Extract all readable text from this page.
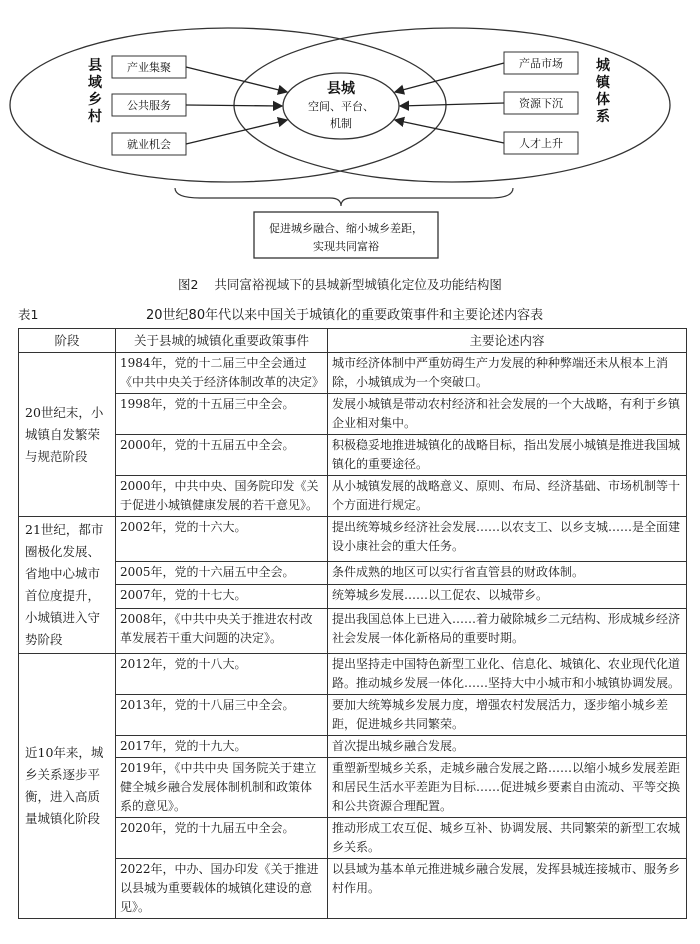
县域乡村
城镇体系
县城
空间、平台、
机制
产业集聚
公共服务
就业机会
产品市场
资源下沉
人才上升
促进城乡融合、缩小城乡差距，
实现共同富裕
图2 共同富裕视域下的县城新型城镇化定位及功能结构图
表1	20世纪80年代以来中国关于城镇化的重要政策事件和主要论述内容表
阶段	关于县城的城镇化重要政策事件	主要论述内容
20世纪末，小城镇自发繁荣与规范阶段	1984年，党的十二届三中全会通过《中共中央关于经济体制改革的决定》	城市经济体制中严重妨碍生产力发展的种种弊端还未从根本上消除，小城镇成为一个突破口。
	1998年，党的十五届三中全会。	发展小城镇是带动农村经济和社会发展的一个大战略，有利于乡镇企业相对集中。
	2000年，党的十五届五中全会。	积极稳妥地推进城镇化的战略目标，指出发展小城镇是推进我国城镇化的重要途径。
	2000年，中共中央、国务院印发《关于促进小城镇健康发展的若干意见》。	从小城镇发展的战略意义、原则、布局、经济基础、市场机制等十个方面进行规定。
21世纪，都市圈极化发展、省地中心城市首位度提升，小城镇进入守势阶段	2002年，党的十六大。	提出统筹城乡经济社会发展……以农支工、以乡支城……是全面建设小康社会的重大任务。
	2005年，党的十六届五中全会。	条件成熟的地区可以实行省直管县的财政体制。
	2007年，党的十七大。	统筹城乡发展……以工促农、以城带乡。
	2008年，《中共中央关于推进农村改革发展若干重大问题的决定》。	提出我国总体上已进入……着力破除城乡二元结构、形成城乡经济社会发展一体化新格局的重要时期。
近10年来，城乡关系逐步平衡，进入高质量城镇化阶段	2012年，党的十八大。	提出坚持走中国特色新型工业化、信息化、城镇化、农业现代化道路。推动城乡发展一体化……坚持大中小城市和小城镇协调发展。
	2013年，党的十八届三中全会。	要加大统筹城乡发展力度，增强农村发展活力，逐步缩小城乡差距，促进城乡共同繁荣。
	2017年，党的十九大。	首次提出城乡融合发展。
	2019年，《中共中央 国务院关于建立健全城乡融合发展体制机制和政策体系的意见》。	重塑新型城乡关系，走城乡融合发展之路……以缩小城乡发展差距和居民生活水平差距为目标……促进城乡要素自由流动、平等交换和公共资源合理配置。
	2020年，党的十九届五中全会。	推动形成工农互促、城乡互补、协调发展、共同繁荣的新型工农城乡关系。
	2022年，中办、国办印发《关于推进以县城为重要载体的城镇化建设的意见》。	以县域为基本单元推进城乡融合发展，发挥县城连接城市、服务乡村作用。
